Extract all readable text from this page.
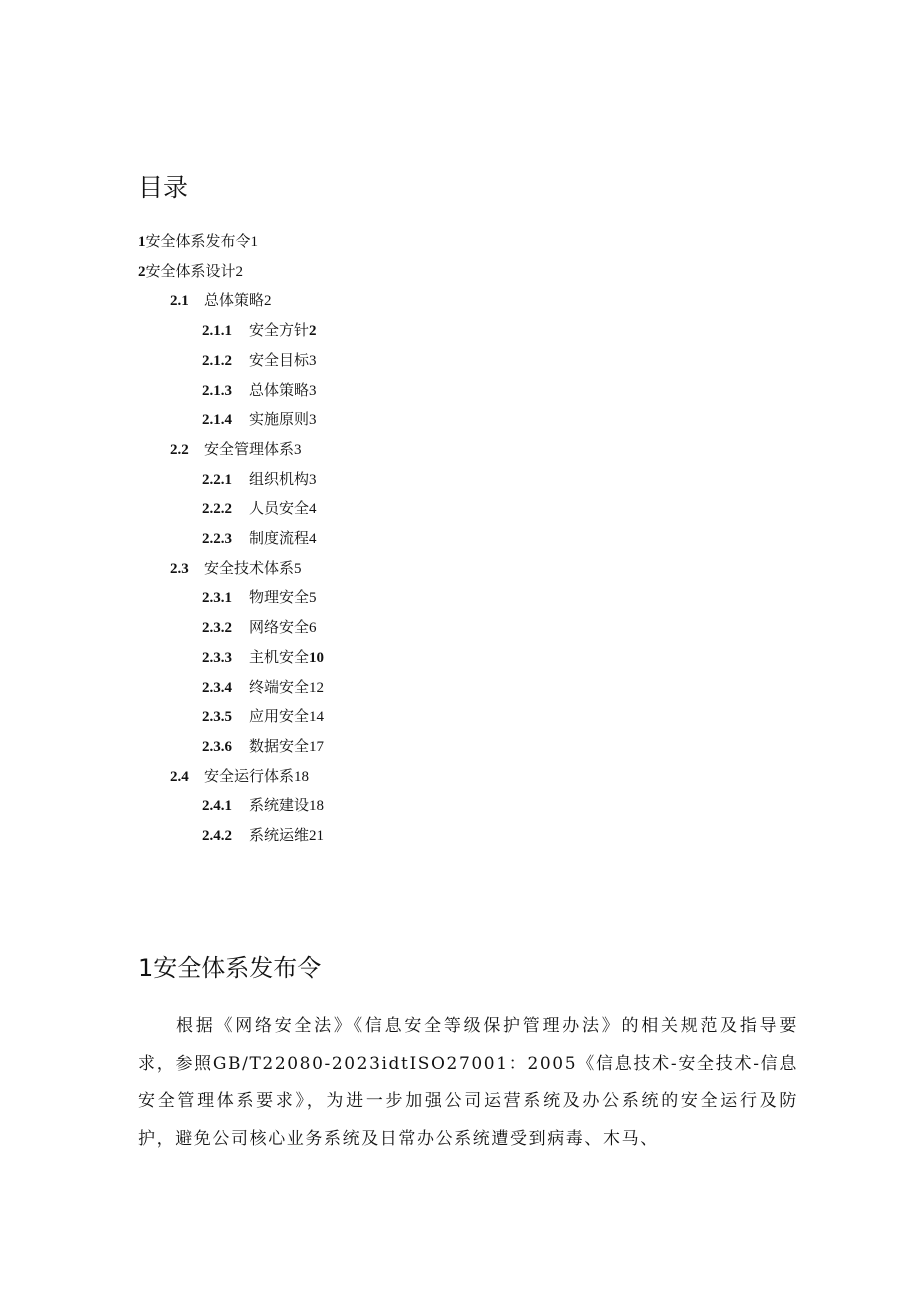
目录
1安全体系发布令1
2安全体系设计2
2.1 总体策略2
2.1.1 安全方针2
2.1.2 安全目标3
2.1.3 总体策略3
2.1.4 实施原则3
2.2 安全管理体系3
2.2.1 组织机构3
2.2.2 人员安全4
2.2.3 制度流程4
2.3 安全技术体系5
2.3.1 物理安全5
2.3.2 网络安全6
2.3.3 主机安全10
2.3.4 终端安全12
2.3.5 应用安全14
2.3.6 数据安全17
2.4 安全运行体系18
2.4.1 系统建设18
2.4.2 系统运维21
1安全体系发布令
根据《网络安全法》《信息安全等级保护管理办法》的相关规范及指导要求，参照GB/T22080-2023idtISO27001：2005《信息技术-安全技术-信息安全管理体系要求》，为进一步加强公司运营系统及办公系统的安全运行及防护，避免公司核心业务系统及日常办公系统遭受到病毒、木马、
